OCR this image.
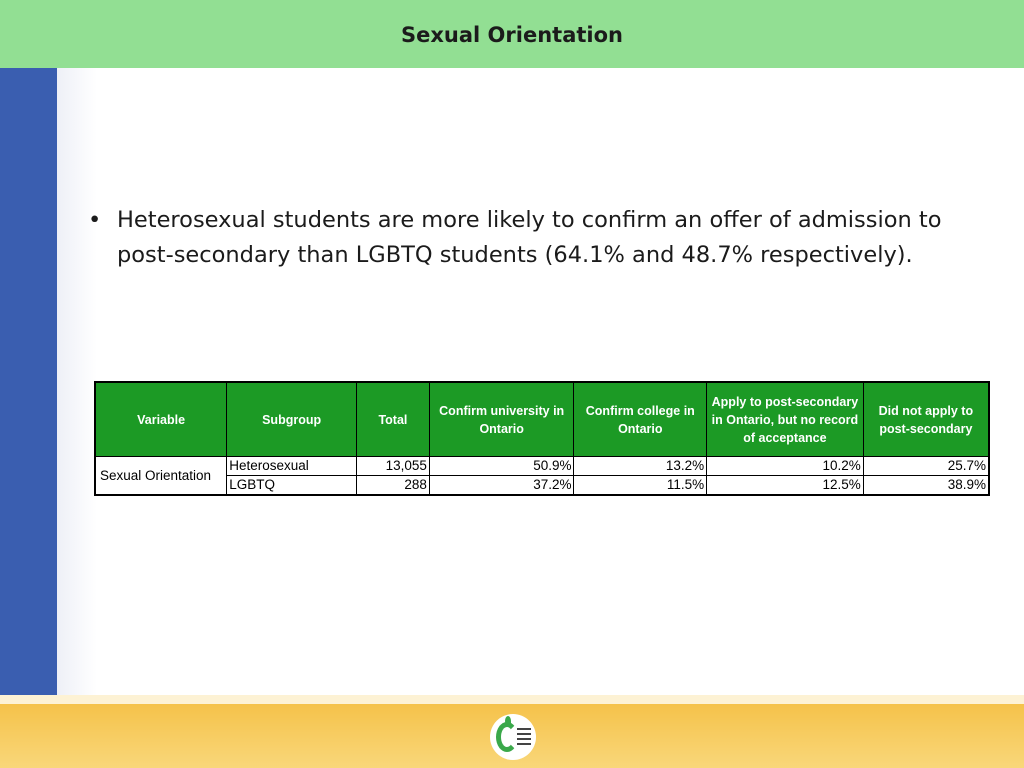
Sexual Orientation
• Heterosexual students are more likely to confirm an offer of admission to post-secondary than LGBTQ students (64.1% and 48.7% respectively).
Variable	Subgroup	Total	Confirm university in Ontario	Confirm college in Ontario	Apply to post-secondary in Ontario, but no record of acceptance	Did not apply to post-secondary
Sexual Orientation	Heterosexual	13,055	50.9%	13.2%	10.2%	25.7%
	LGBTQ	288	37.2%	11.5%	12.5%	38.9%
